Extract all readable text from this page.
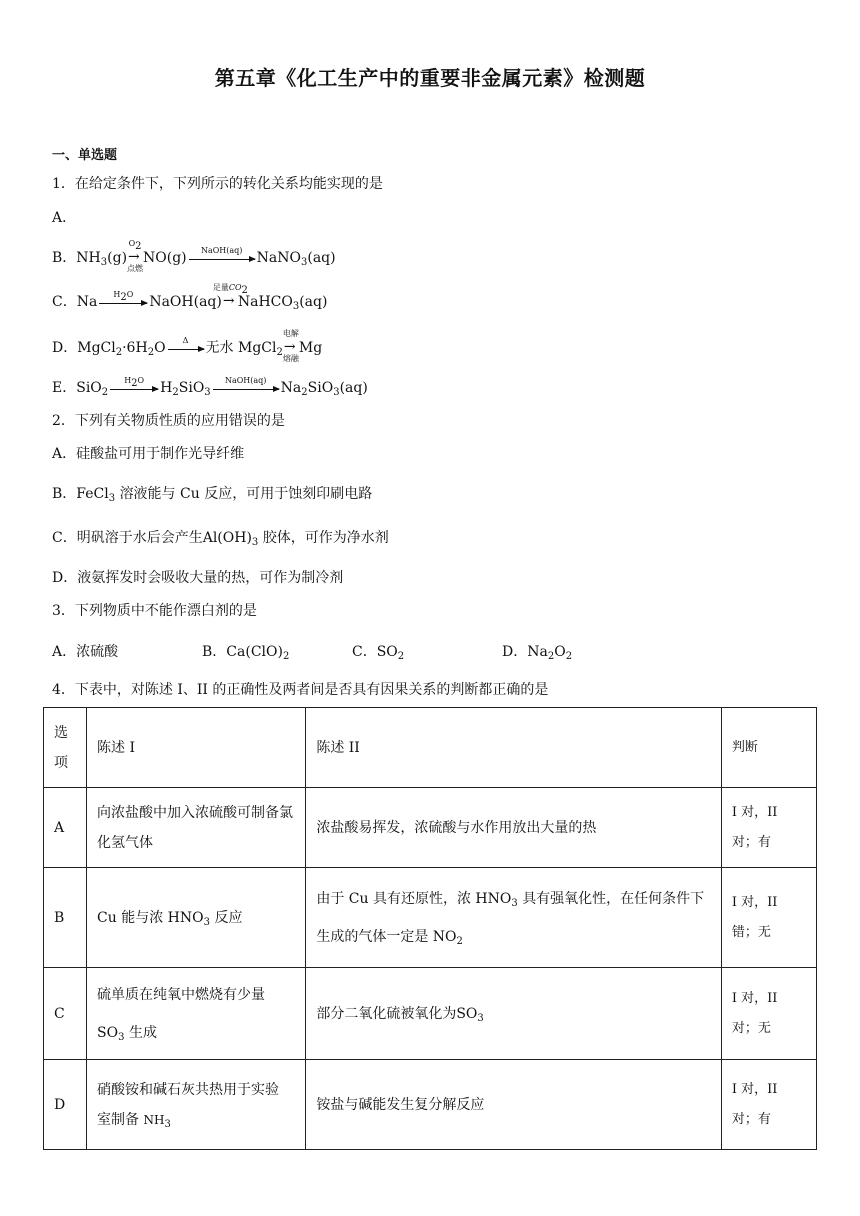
第五章《化工生产中的重要非金属元素》检测题
一、单选题
1．在给定条件下，下列所示的转化关系均能实现的是
A．
B．$NH_3(g)$
→ $O_2$
点燃
NO(g)	NaOH(aq)	NaNO$_3$(aq)
C．Na	$H_2O$	NaOH(aq)
→ 足量$CO_2$
NaHCO$_3$(aq)
D．$MgCl_2\cdot 6H_2O$	Δ	无水 MgCl$_2$
→ 电解
熔融
Mg
E．SiO$_2$
$H_2O$	$H_2SiO_3$
NaOH(aq)	$Na_2SiO_3(aq)$
2．下列有关物质性质的应用错误的是
A．硅酸盐可用于制作光导纤维
B．FeCl$_3$ 溶液能与 Cu 反应，可用于蚀刻印刷电路
C．明矾溶于水后会产生$Al(OH)_3$ 胶体，可作为净水剂
D．液氨挥发时会吸收大量的热，可作为制冷剂
3．下列物质中不能作漂白剂的是
A．浓硫酸	B．$Ca(ClO)_2$	C．$SO_2$	D．$Na_2O_2$
4．下表中，对陈述 I、II 的正确性及两者间是否具有因果关系的判断都正确的是
选项	陈述 I	陈述 II	判断
A	向浓盐酸中加入浓硫酸可制备氯化氢气体	浓盐酸易挥发，浓硫酸与水作用放出大量的热	I 对，II 对；有
B	Cu 能与浓 $HNO_3$ 反应	由于 Cu 具有还原性，浓 $HNO_3$ 具有强氧化性，在任何条件下
生成的气体一定是 $NO_2$	I 对，II 错；无
C	硫单质在纯氧中燃烧有少量
$SO_3$ 生成	部分二氧化硫被氧化为$SO_3$	I 对，II 对；无
D	硝酸铵和碱石灰共热用于实验
室制备 $NH_3$	铵盐与碱能发生复分解反应	I 对，II 对；有
